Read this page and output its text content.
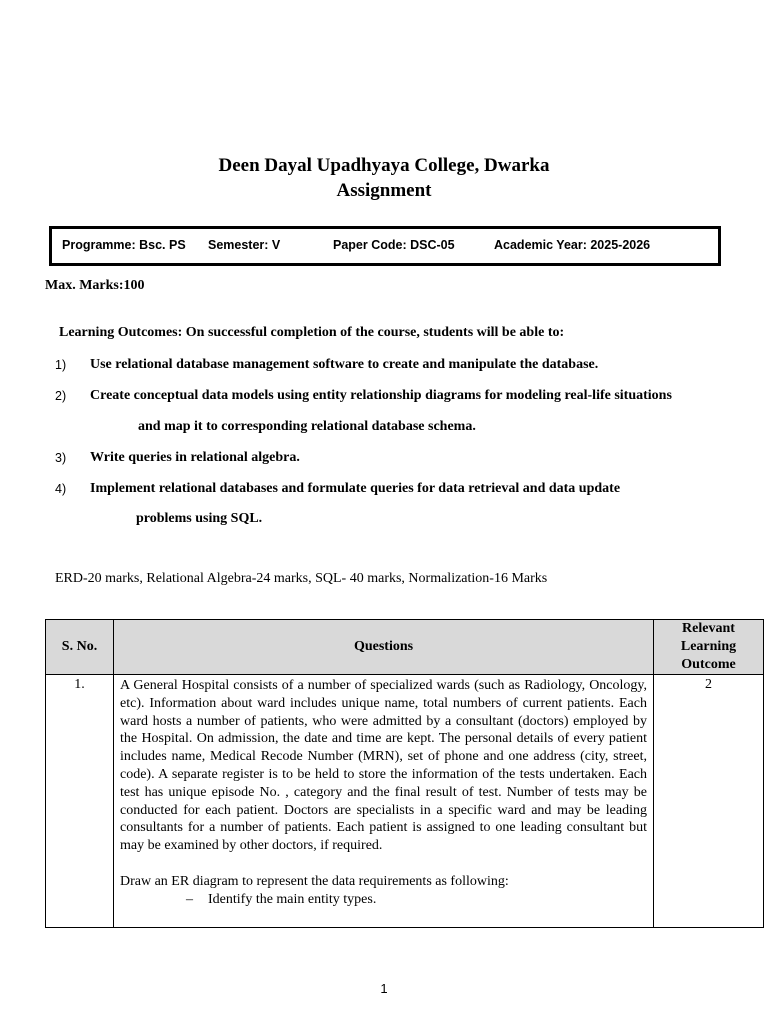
Deen Dayal Upadhyaya College, Dwarka
Assignment
Programme: Bsc. PS Semester: V	Paper Code: DSC-05	Academic Year: 2025-2026
Max. Marks:100
Learning Outcomes: On successful completion of the course, students will be able to:
1) Use relational database management software to create and manipulate the database.
2) Create conceptual data models using entity relationship diagrams for modeling real-life situations
and map it to corresponding relational database schema.
3) Write queries in relational algebra.
4) Implement relational databases and formulate queries for data retrieval and data update
problems using SQL.
ERD-20 marks, Relational Algebra-24 marks, SQL- 40 marks, Normalization-16 Marks
S. No.	Questions	Relevant Learning Outcome
1.	A General Hospital consists of a number of specialized wards (such as Radiology, Oncology, etc). Information about ward includes unique name, total numbers of current patients. Each ward hosts a number of patients, who were admitted by a consultant (doctors) employed by the Hospital. On admission, the date and time are kept. The personal details of every patient includes name, Medical Recode Number (MRN), set of phone and one address (city, street, code). A separate register is to be held to store the information of the tests undertaken. Each test has unique episode No. , category and the final result of test. Number of tests may be conducted for each patient. Doctors are specialists in a specific ward and may be leading consultants for a number of patients. Each patient is assigned to one leading consultant but may be examined by other doctors, if required.
Draw an ER diagram to represent the data requirements as following:
– Identify the main entity types.	2
1
